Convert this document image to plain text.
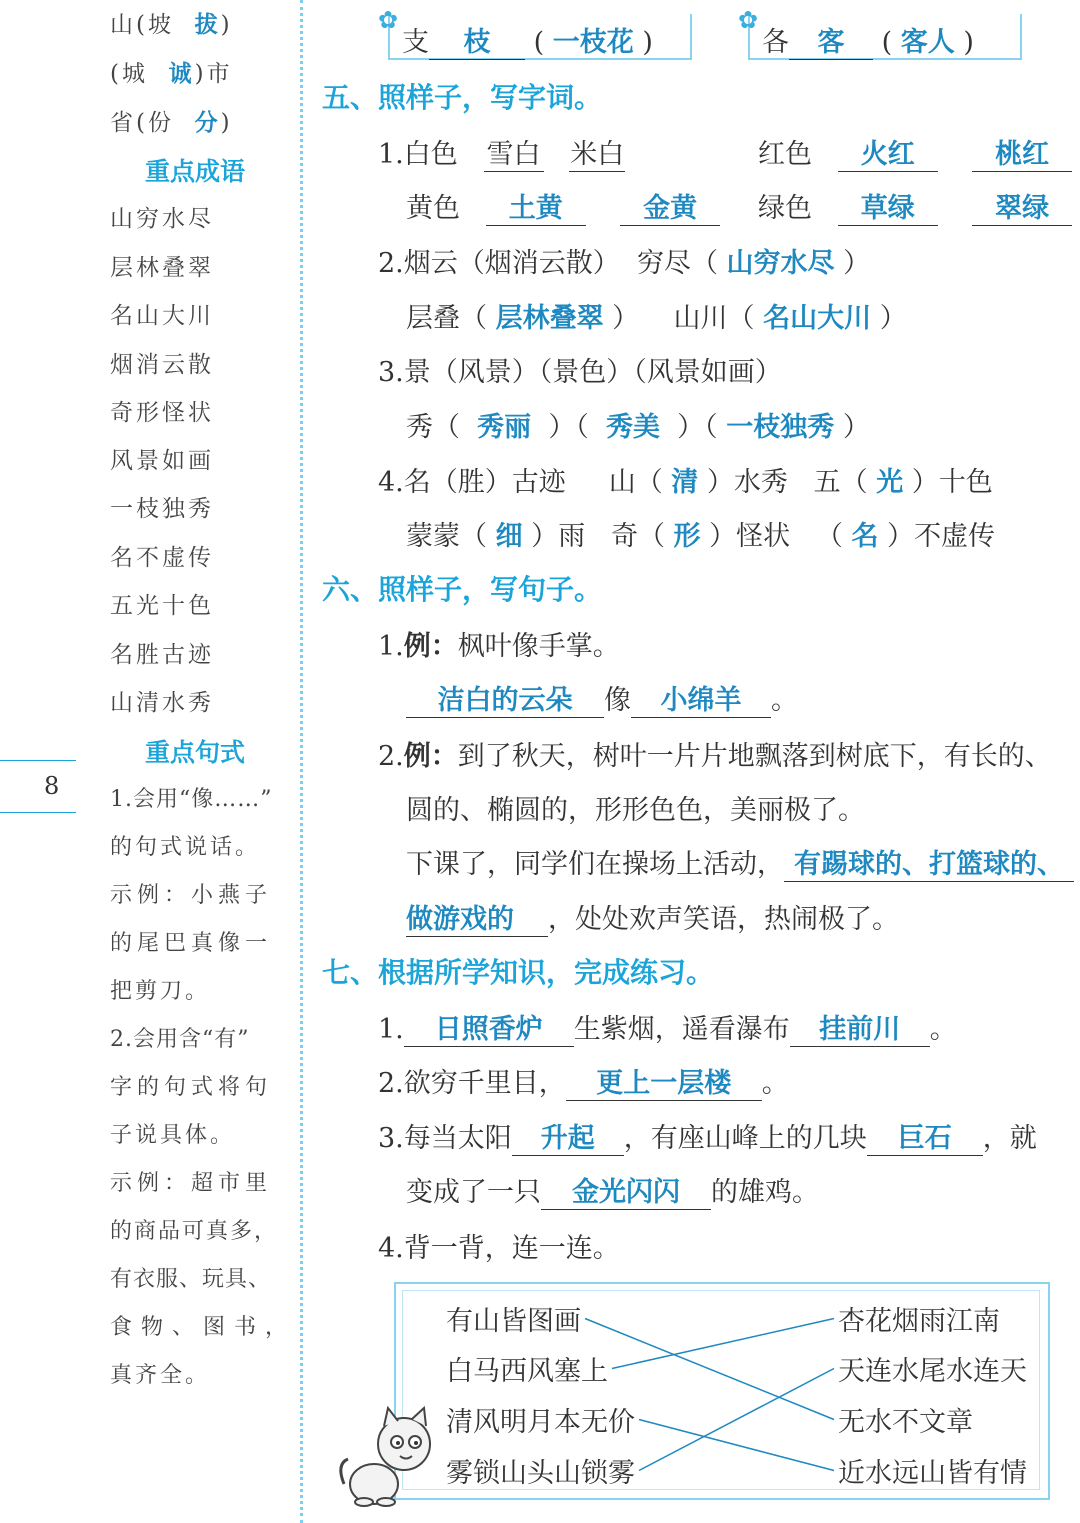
8
山(坡 拔)
(城 诚)市
省(份 分)
重点成语
山穷水尽
层林叠翠
名山大川
烟消云散
奇形怪状
风景如画
一枝独秀
名不虚传
五光十色
名胜古迹
山清水秀
重点句式
1.会用“像……”
的句式说话。
示例：小燕子
的尾巴真像一
把剪刀。
2.会用含“有”
字的句式将句
子说具体。
示例：超市里
的商品可真多，
有衣服、玩具、
食物、图书，
真齐全。
✿
支 枝 ( 一枝花 )
✿
各 客 ( 客人 )
五、照样子，写字词。
1.白色 雪白 米白	红色 火红	桃红
黄色 土黄	金黄	绿色 草绿	翠绿
2.烟云（烟消云散）  穷尽（ 山穷水尽 ）
层叠（ 层林叠翠 ）    山川（ 名山大川 ）
3.景（风景）（景色）（风景如画）
秀（  秀丽  ）（  秀美  ）（ 一枝独秀 ）
4.名（胜）古迹 山（ 清 ）水秀 五（ 光 ）十色
蒙蒙（ 细 ）雨 奇（ 形 ）怪状   （ 名 ）不虚传
六、照样子，写句子。
1.例：枫叶像手掌。
洁白的云朵 像 小绵羊 。
2.例：到了秋天，树叶一片片地飘落到树底下，有长的、
圆的、椭圆的，形形色色，美丽极了。
下课了，同学们在操场上活动， 有踢球的、打篮球的、
做游戏的 ，处处欢声笑语，热闹极了。
七、根据所学知识，完成练习。
1. 日照香炉 生紫烟，遥看瀑布 挂前川 。
2.欲穷千里目， 更上一层楼 。
3.每当太阳 升起 ，有座山峰上的几块 巨石 ，就
变成了一只 金光闪闪 的雄鸡。
4.背一背，连一连。
有山皆图画
白马西风塞上
清风明月本无价
雾锁山头山锁雾
杏花烟雨江南
天连水尾水连天
无水不文章
近水远山皆有情
